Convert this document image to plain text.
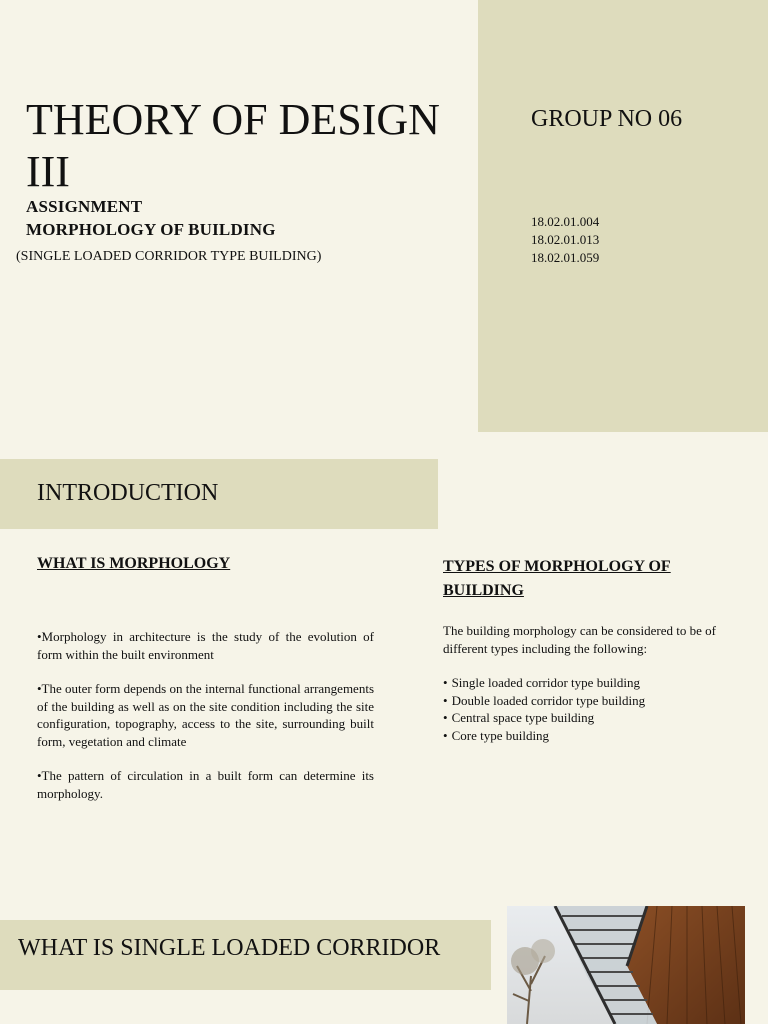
THEORY OF DESIGN III
ASSIGNMENT
MORPHOLOGY OF BUILDING
(SINGLE LOADED CORRIDOR TYPE BUILDING)
GROUP NO 06
18.02.01.004
18.02.01.013
18.02.01.059
INTRODUCTION
WHAT IS MORPHOLOGY	TYPES OF MORPHOLOGY OF BUILDING

•Morphology in architecture is the study of the evolution of form within the built environment

•The outer form depends on the internal functional arrangements of the building as well as on the site condition including the site configuration, topography, access to the site, surrounding built form, vegetation and climate

•The pattern of circulation in a built form can determine its morphology.

The building morphology can be considered to be of different types including the following:

• Single loaded corridor type building
• Double loaded corridor type building
• Central space type building
• Core type building
WHAT IS SINGLE LOADED CORRIDOR
